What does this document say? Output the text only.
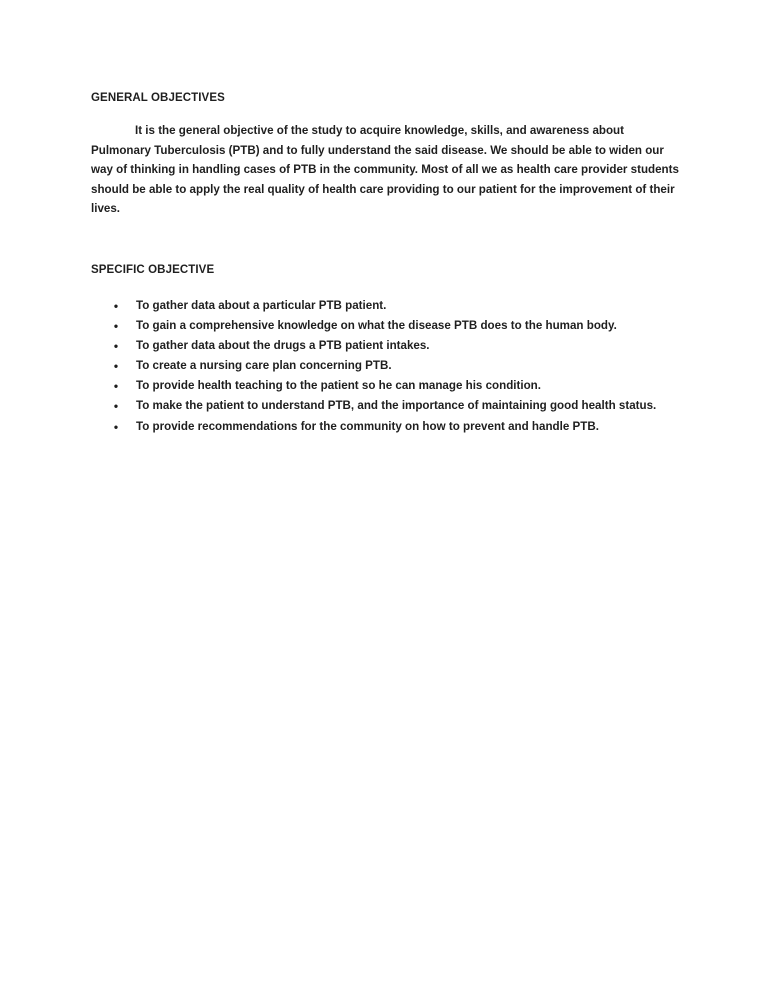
GENERAL OBJECTIVES

It is the general objective of the study to acquire knowledge, skills, and awareness about Pulmonary Tuberculosis (PTB) and to fully understand the said disease. We should be able to widen our way of thinking in handling cases of PTB in the community. Most of all we as health care provider students should be able to apply the real quality of health care providing to our patient for the improvement of their lives.

SPECIFIC OBJECTIVE
• To gather data about a particular PTB patient.
• To gain a comprehensive knowledge on what the disease PTB does to the human body.
• To gather data about the drugs a PTB patient intakes.
• To create a nursing care plan concerning PTB.
• To provide health teaching to the patient so he can manage his condition.
• To make the patient to understand PTB, and the importance of maintaining good health status.
• To provide recommendations for the community on how to prevent and handle PTB.
